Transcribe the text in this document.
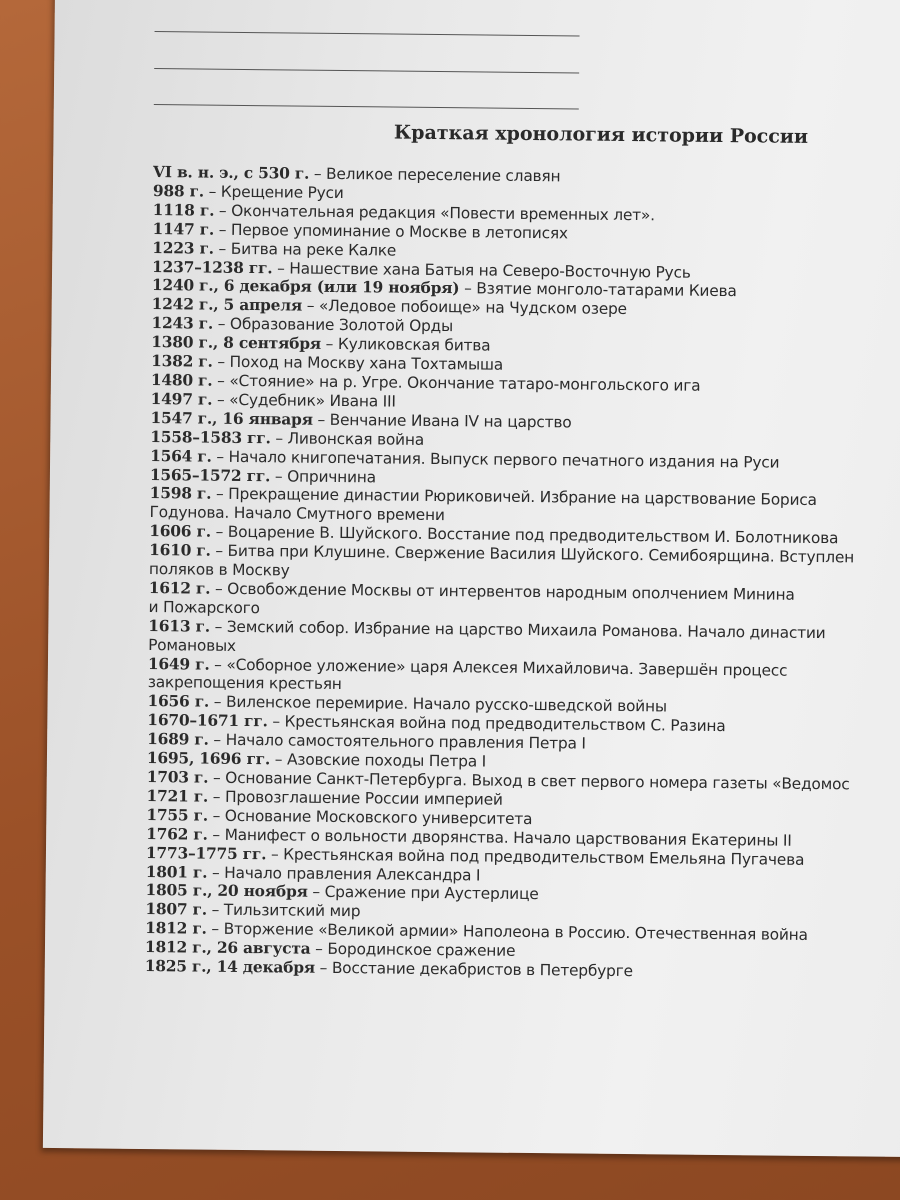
Краткая хронология истории России
VI в. н. э., с 530 г. – Великое переселение славян
988 г. – Крещение Руси
1118 г. – Окончательная редакция «Повести временных лет».
1147 г. – Первое упоминание о Москве в летописях
1223 г. – Битва на реке Калке
1237–1238 гг. – Нашествие хана Батыя на Северо-Восточную Русь
1240 г., 6 декабря (или 19 ноября) – Взятие монголо-татарами Киева
1242 г., 5 апреля – «Ледовое побоище» на Чудском озере
1243 г. – Образование Золотой Орды
1380 г., 8 сентября – Куликовская битва
1382 г. – Поход на Москву хана Тохтамыша
1480 г. – «Стояние» на р. Угре. Окончание татаро-монгольского ига
1497 г. – «Судебник» Ивана III
1547 г., 16 января – Венчание Ивана IV на царство
1558–1583 гг. – Ливонская война
1564 г. – Начало книгопечатания. Выпуск первого печатного издания на Руси
1565–1572 гг. – Опричнина
1598 г. – Прекращение династии Рюриковичей. Избрание на царствование Бориса
Годунова. Начало Смутного времени
1606 г. – Воцарение В. Шуйского. Восстание под предводительством И. Болотникова
1610 г. – Битва при Клушине. Свержение Василия Шуйского. Семибоярщина. Вступлен
поляков в Москву
1612 г. – Освобождение Москвы от интервентов народным ополчением Минина
и Пожарского
1613 г. – Земский собор. Избрание на царство Михаила Романова. Начало династии
Романовых
1649 г. – «Соборное уложение» царя Алексея Михайловича. Завершён процесс
закрепощения крестьян
1656 г. – Виленское перемирие. Начало русско-шведской войны
1670–1671 гг. – Крестьянская война под предводительством С. Разина
1689 г. – Начало самостоятельного правления Петра I
1695, 1696 гг. – Азовские походы Петра I
1703 г. – Основание Санкт-Петербурга. Выход в свет первого номера газеты «Ведомос
1721 г. – Провозглашение России империей
1755 г. – Основание Московского университета
1762 г. – Манифест о вольности дворянства. Начало царствования Екатерины II
1773–1775 гг. – Крестьянская война под предводительством Емельяна Пугачева
1801 г. – Начало правления Александра I
1805 г., 20 ноября – Сражение при Аустерлице
1807 г. – Тильзитский мир
1812 г. – Вторжение «Великой армии» Наполеона в Россию. Отечественная война
1812 г., 26 августа – Бородинское сражение
1825 г., 14 декабря – Восстание декабристов в Петербурге
